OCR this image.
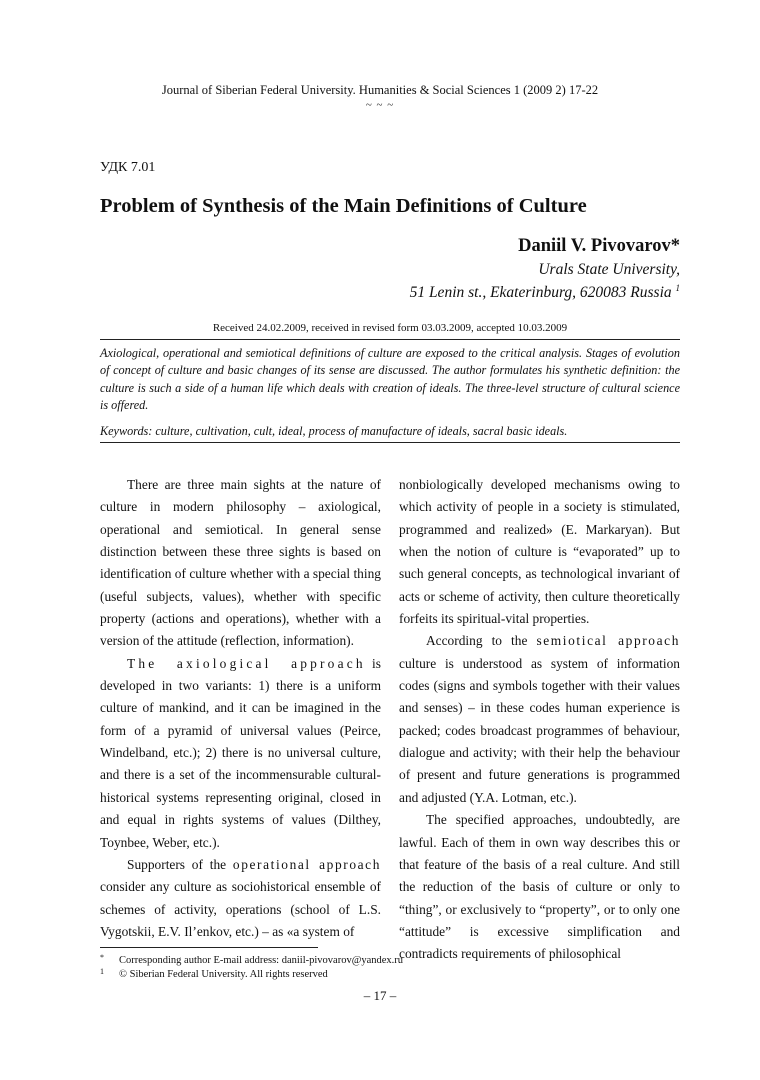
Journal of Siberian Federal University. Humanities & Social Sciences 1 (2009 2) 17-22
~ ~ ~
УДК 7.01
Problem of Synthesis of the Main Definitions of Culture
Daniil V. Pivovarov*
Urals State University,
51 Lenin st., Ekaterinburg, 620083 Russia $^1$
Received 24.02.2009, received in revised form 03.03.2009, accepted 10.03.2009
Axiological, operational and semiotical definitions of culture are exposed to the critical analysis. Stages of evolution of concept of culture and basic changes of its sense are discussed. The author formulates his synthetic definition: the culture is such a side of a human life which deals with creation of ideals. The three-level structure of cultural science is offered.
Keywords: culture, cultivation, cult, ideal, process of manufacture of ideals, sacral basic ideals.

There are three main sights at the nature of culture in modern philosophy – axiological, operational and semiotical. In general sense distinction between these three sights is based on identification of culture whether with a special thing (useful subjects, values), whether with specific property (actions and operations), whether with a version of the attitude (reflection, information).

The axiological approach is developed in two variants: 1) there is a uniform culture of mankind, and it can be imagined in the form of a pyramid of universal values (Peirce, Windelband, etc.); 2) there is no universal culture, and there is a set of the incommensurable cultural-historical systems representing original, closed in and equal in rights systems of values (Dilthey, Toynbee, Weber, etc.).

Supporters of the operational approach consider any culture as sociohistorical ensemble of schemes of activity, operations (school of L.S. Vygotskii, E.V. Il’enkov, etc.) – as «a system of

nonbiologically developed mechanisms owing to which activity of people in a society is stimulated, programmed and realized» (E. Markaryan). But when the notion of culture is “evaporated” up to such general concepts, as technological invariant of acts or scheme of activity, then culture theoretically forfeits its spiritual-vital properties.

According to the semiotical approach culture is understood as system of information codes (signs and symbols together with their values and senses) – in these codes human experience is packed; codes broadcast programmes of behaviour, dialogue and activity; with their help the behaviour of present and future generations is programmed and adjusted (Y.A. Lotman, etc.).

The specified approaches, undoubtedly, are lawful. Each of them in own way describes this or that feature of the basis of a real culture. And still the reduction of the basis of culture or only to “thing”, or exclusively to “property”, or to only one “attitude” is excessive simplification and contradicts requirements of philosophical

* Corresponding author E-mail address: daniil-pivovarov@yandex.ru
1 © Siberian Federal University. All rights reserved
– 17 –
